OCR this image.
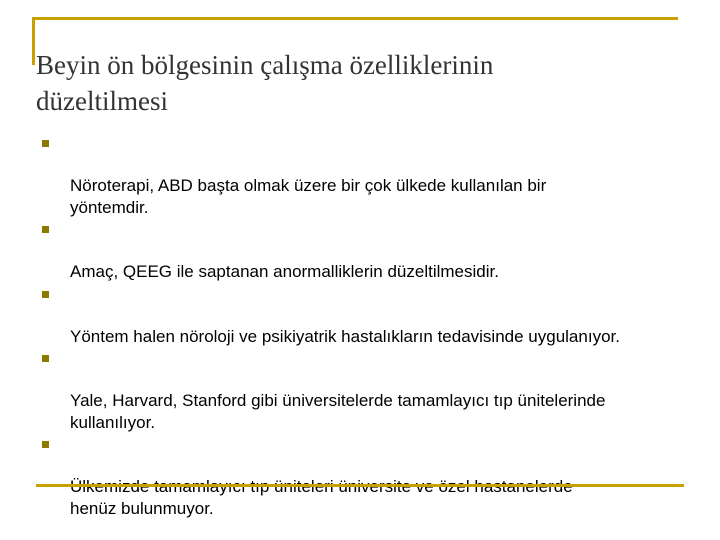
Beyin ön bölgesinin çalışma özelliklerinin
düzeltilmesi

Nöroterapi, ABD başta olmak üzere bir çok ülkede kullanılan bir
yöntemdir.

Amaç, QEEG ile saptanan anormalliklerin düzeltilmesidir.

Yöntem halen nöroloji ve psikiyatrik hastalıkların tedavisinde uygulanıyor.

Yale, Harvard, Stanford gibi üniversitelerde tamamlayıcı tıp ünitelerinde
kullanılıyor.

henüz bulunmuyor.
